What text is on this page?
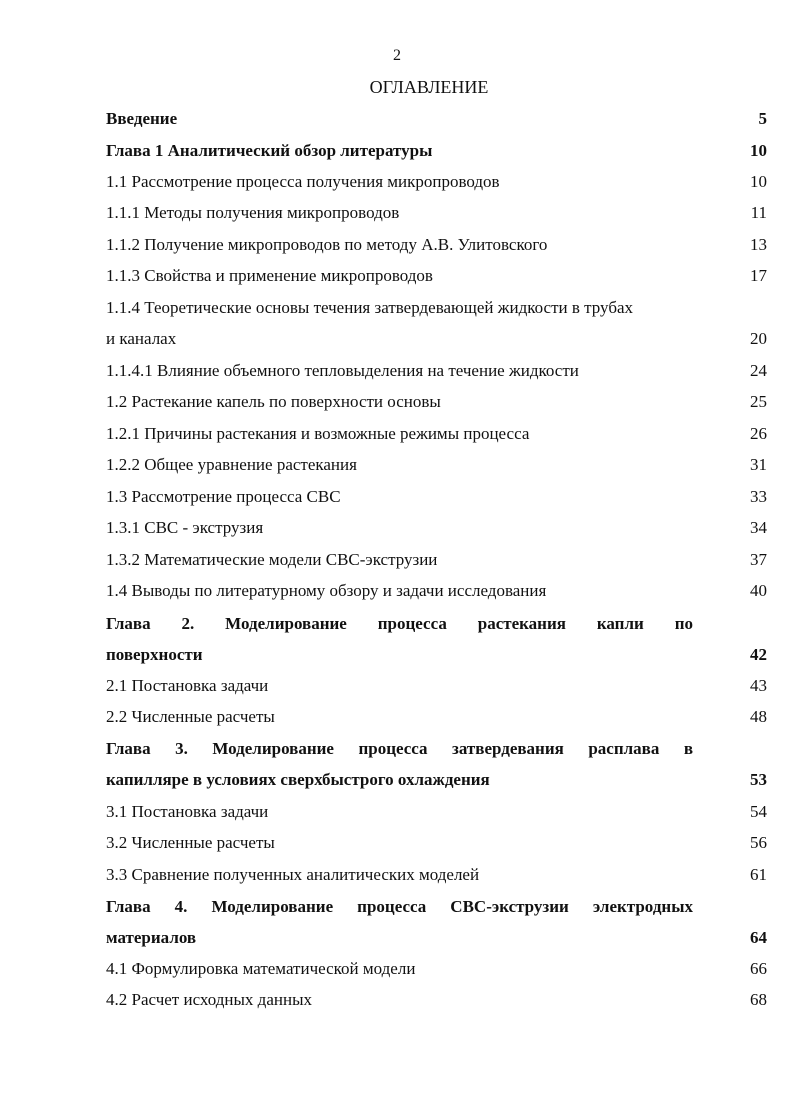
2
ОГЛАВЛЕНИЕ
Введение	5
Глава 1 Аналитический обзор литературы	10
1.1 Рассмотрение процесса получения микропроводов	10
1.1.1 Методы получения микропроводов	11
1.1.2 Получение микропроводов по методу А.В. Улитовского	13
1.1.3 Свойства и применение микропроводов	17
1.1.4 Теоретические основы течения затвердевающей жидкости в трубах
и каналах	20
1.1.4.1 Влияние объемного тепловыделения на течение жидкости	24
1.2 Растекание капель по поверхности основы	25
1.2.1 Причины растекания и возможные режимы процесса	26
1.2.2 Общее уравнение растекания	31
1.3 Рассмотрение процесса СВС	33
1.3.1 СВС - экструзия	34
1.3.2 Математические модели СВС-экструзии	37
1.4 Выводы по литературному обзору и задачи исследования	40
Глава 2. Моделирование процесса растекания капли по
поверхности	42
2.1 Постановка задачи	43
2.2 Численные расчеты	48
Глава 3. Моделирование процесса затвердевания расплава в
капилляре в условиях сверхбыстрого охлаждения	53
3.1 Постановка задачи	54
3.2 Численные расчеты	56
3.3 Сравнение полученных аналитических моделей	61
Глава 4. Моделирование процесса СВС-экструзии электродных
материалов	64
4.1 Формулировка математической модели	66
4.2 Расчет исходных данных	68
